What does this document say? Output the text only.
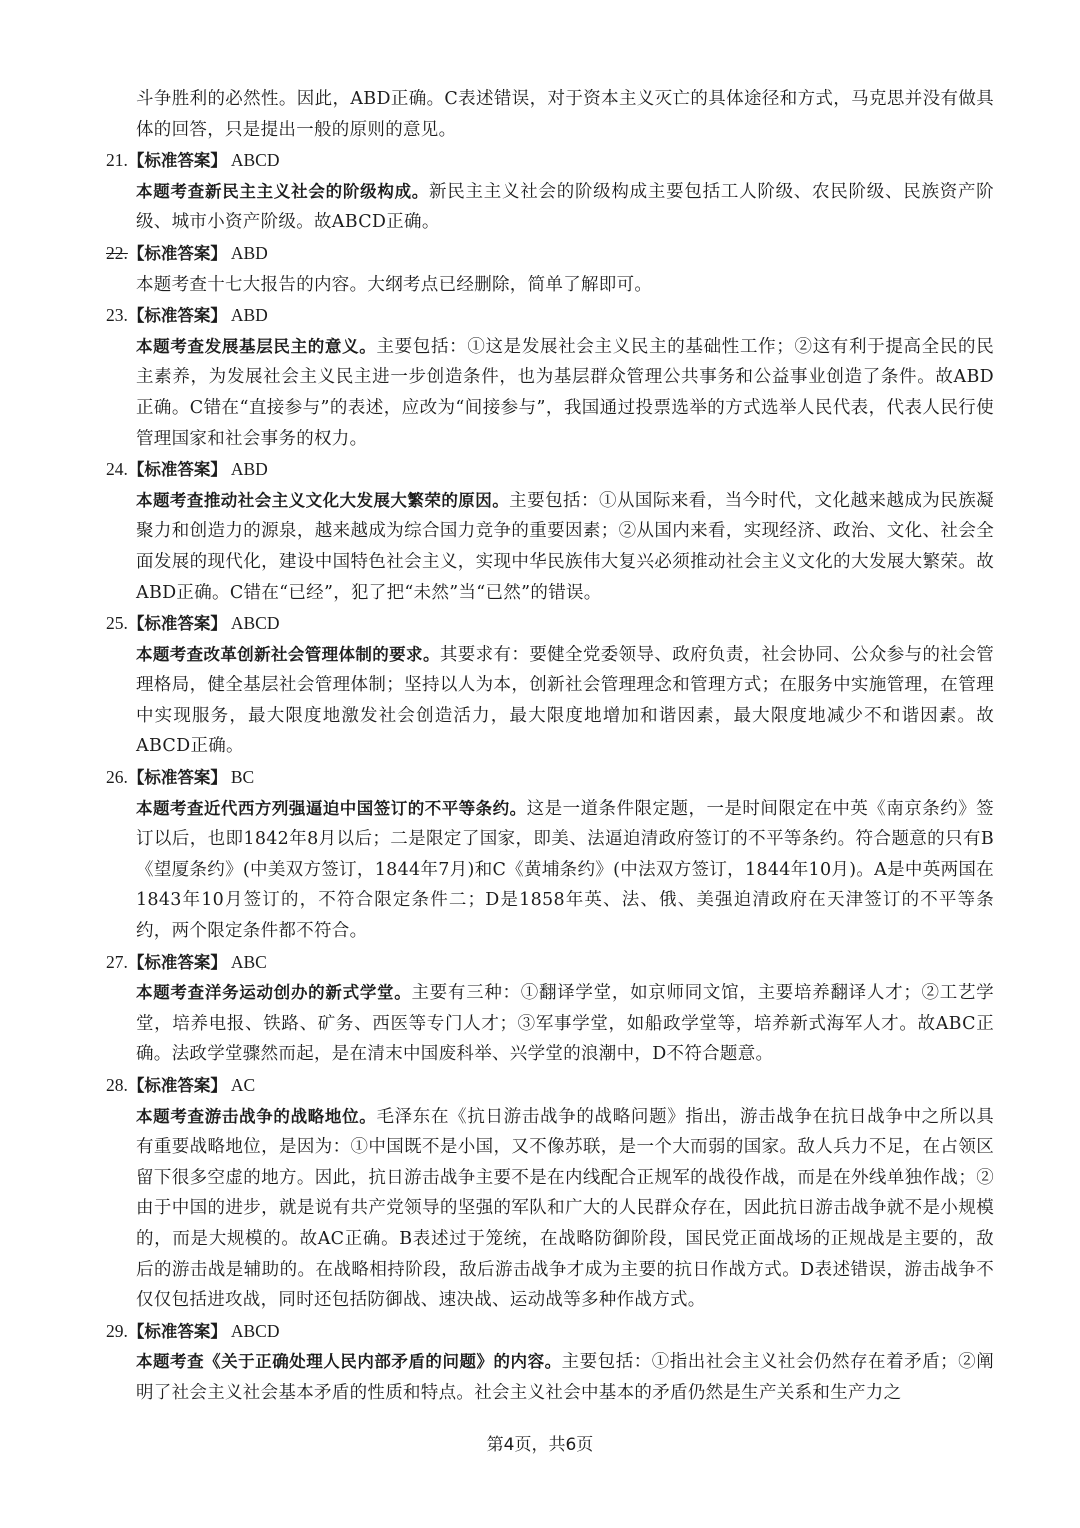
斗争胜利的必然性。因此，ABD正确。C表述错误，对于资本主义灭亡的具体途径和方式，马克思并没有做具体的回答，只是提出一般的原则的意见。

21.【标准答案】 ABCD

本题考查新民主主义社会的阶级构成。新民主主义社会的阶级构成主要包括工人阶级、农民阶级、民族资产阶级、城市小资产阶级。故ABCD正确。

22.【标准答案】 ABD

本题考查十七大报告的内容。大纲考点已经删除，简单了解即可。

23.【标准答案】 ABD

本题考查发展基层民主的意义。主要包括：①这是发展社会主义民主的基础性工作；②这有利于提高全民的民主素养，为发展社会主义民主进一步创造条件，也为基层群众管理公共事务和公益事业创造了条件。故ABD正确。C错在“直接参与”的表述，应改为“间接参与”，我国通过投票选举的方式选举人民代表，代表人民行使管理国家和社会事务的权力。

24.【标准答案】 ABD

本题考查推动社会主义文化大发展大繁荣的原因。主要包括：①从国际来看，当今时代，文化越来越成为民族凝聚力和创造力的源泉，越来越成为综合国力竞争的重要因素；②从国内来看，实现经济、政治、文化、社会全面发展的现代化，建设中国特色社会主义，实现中华民族伟大复兴必须推动社会主义文化的大发展大繁荣。故ABD正确。C错在“已经”，犯了把“未然”当“已然”的错误。

25.【标准答案】 ABCD

本题考查改革创新社会管理体制的要求。其要求有：要健全党委领导、政府负责，社会协同、公众参与的社会管理格局，健全基层社会管理体制；坚持以人为本，创新社会管理理念和管理方式；在服务中实施管理，在管理中实现服务，最大限度地激发社会创造活力，最大限度地增加和谐因素，最大限度地减少不和谐因素。故ABCD正确。

26.【标准答案】 BC

本题考查近代西方列强逼迫中国签订的不平等条约。这是一道条件限定题，一是时间限定在中英《南京条约》签订以后，也即1842年8月以后；二是限定了国家，即美、法逼迫清政府签订的不平等条约。符合题意的只有B《望厦条约》(中美双方签订，1844年7月)和C《黄埔条约》(中法双方签订，1844年10月)。A是中英两国在1843年10月签订的，不符合限定条件二；D是1858年英、法、俄、美强迫清政府在天津签订的不平等条约，两个限定条件都不符合。

27.【标准答案】 ABC

本题考查洋务运动创办的新式学堂。主要有三种：①翻译学堂，如京师同文馆，主要培养翻译人才；②工艺学堂，培养电报、铁路、矿务、西医等专门人才；③军事学堂，如船政学堂等，培养新式海军人才。故ABC正确。法政学堂骤然而起，是在清末中国废科举、兴学堂的浪潮中，D不符合题意。

28.【标准答案】 AC

本题考查游击战争的战略地位。毛泽东在《抗日游击战争的战略问题》指出，游击战争在抗日战争中之所以具有重要战略地位，是因为：①中国既不是小国，又不像苏联，是一个大而弱的国家。敌人兵力不足，在占领区留下很多空虚的地方。因此，抗日游击战争主要不是在内线配合正规军的战役作战，而是在外线单独作战；②由于中国的进步，就是说有共产党领导的坚强的军队和广大的人民群众存在，因此抗日游击战争就不是小规模的，而是大规模的。故AC正确。B表述过于笼统，在战略防御阶段，国民党正面战场的正规战是主要的，敌后的游击战是辅助的。在战略相持阶段，敌后游击战争才成为主要的抗日作战方式。D表述错误，游击战争不仅仅包括进攻战，同时还包括防御战、速决战、运动战等多种作战方式。

29.【标准答案】 ABCD

本题考查《关于正确处理人民内部矛盾的问题》的内容。主要包括：①指出社会主义社会仍然存在着矛盾；②阐明了社会主义社会基本矛盾的性质和特点。社会主义社会中基本的矛盾仍然是生产关系和生产力之

第4页，共6页
